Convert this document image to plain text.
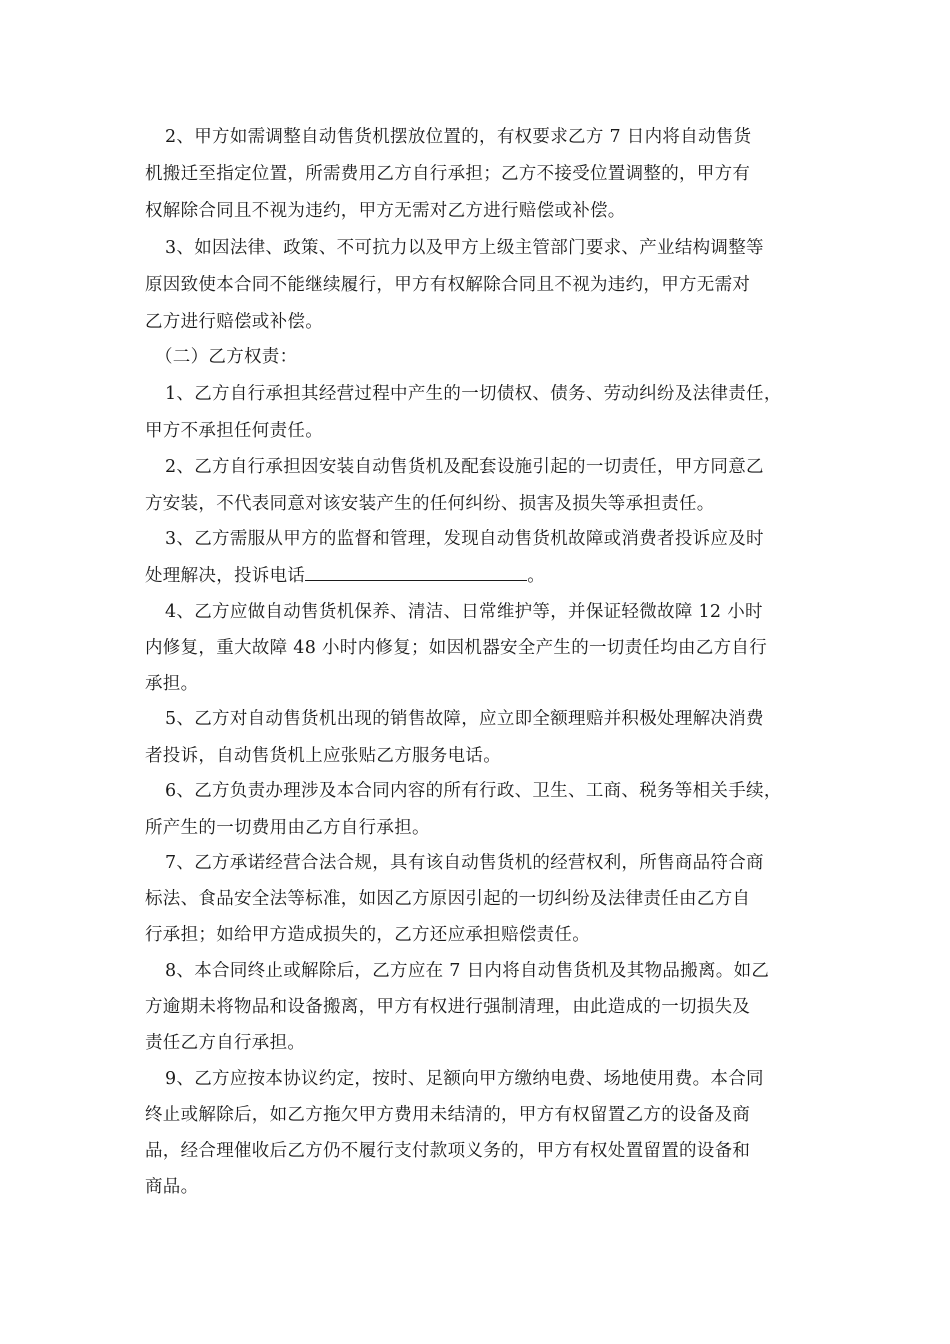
2、甲方如需调整自动售货机摆放位置的，有权要求乙方 7 日内将自动售货
机搬迁至指定位置，所需费用乙方自行承担；乙方不接受位置调整的，甲方有
权解除合同且不视为违约，甲方无需对乙方进行赔偿或补偿。
3、如因法律、政策、不可抗力以及甲方上级主管部门要求、产业结构调整等
原因致使本合同不能继续履行，甲方有权解除合同且不视为违约，甲方无需对
乙方进行赔偿或补偿。
（二）乙方权责：
1、乙方自行承担其经营过程中产生的一切债权、债务、劳动纠纷及法律责任，
甲方不承担任何责任。
2、乙方自行承担因安装自动售货机及配套设施引起的一切责任，甲方同意乙
方安装，不代表同意对该安装产生的任何纠纷、损害及损失等承担责任。
3、乙方需服从甲方的监督和管理，发现自动售货机故障或消费者投诉应及时
处理解决，投诉电话	。
4、乙方应做自动售货机保养、清洁、日常维护等，并保证轻微故障 12 小时
内修复，重大故障 48 小时内修复；如因机器安全产生的一切责任均由乙方自行
承担。
5、乙方对自动售货机出现的销售故障，应立即全额理赔并积极处理解决消费
者投诉，自动售货机上应张贴乙方服务电话。
6、乙方负责办理涉及本合同内容的所有行政、卫生、工商、税务等相关手续，
所产生的一切费用由乙方自行承担。
7、乙方承诺经营合法合规，具有该自动售货机的经营权利，所售商品符合商
标法、食品安全法等标准，如因乙方原因引起的一切纠纷及法律责任由乙方自
行承担；如给甲方造成损失的，乙方还应承担赔偿责任。
8、本合同终止或解除后，乙方应在 7 日内将自动售货机及其物品搬离。如乙
方逾期未将物品和设备搬离，甲方有权进行强制清理，由此造成的一切损失及
责任乙方自行承担。
9、乙方应按本协议约定，按时、足额向甲方缴纳电费、场地使用费。本合同
终止或解除后，如乙方拖欠甲方费用未结清的，甲方有权留置乙方的设备及商
品，经合理催收后乙方仍不履行支付款项义务的，甲方有权处置留置的设备和
商品。
